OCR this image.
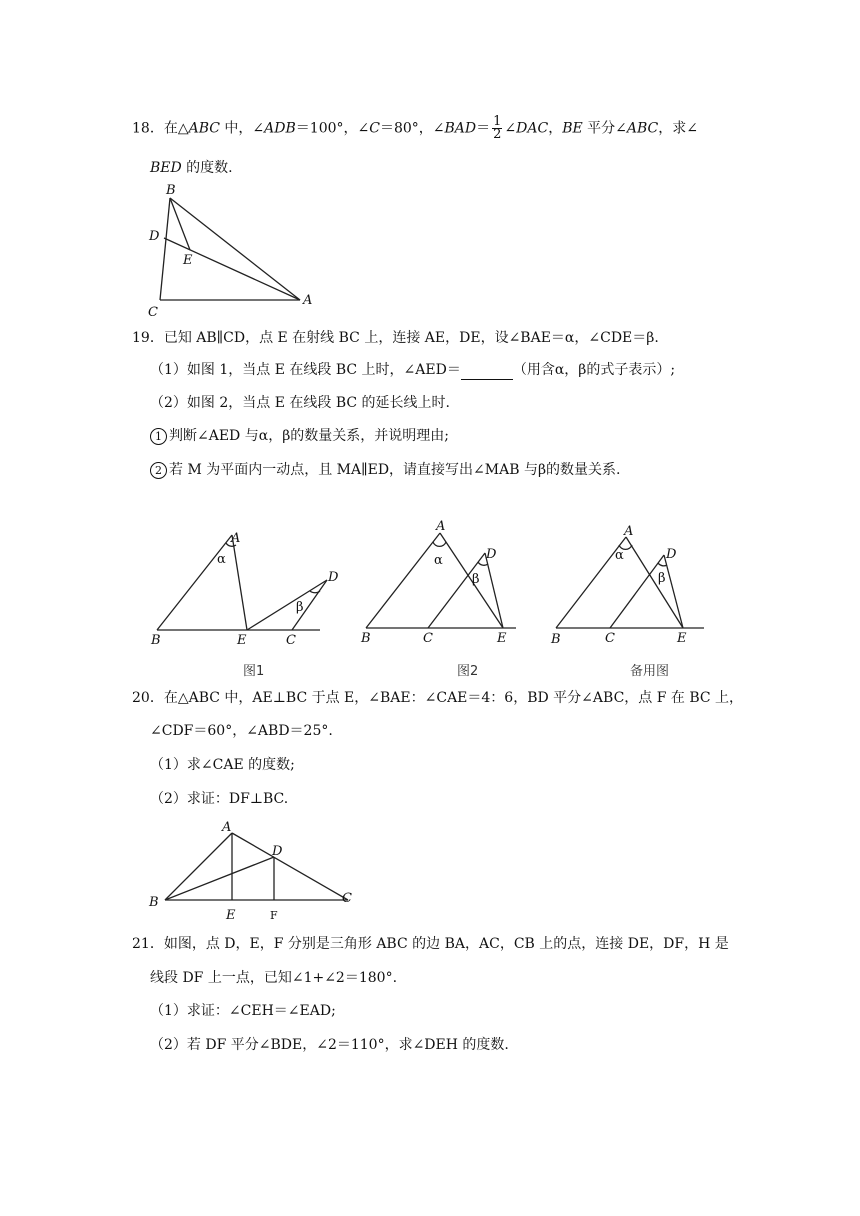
18．在△ABC 中，∠ADB＝100°，∠C＝80°，∠BAD＝ $\frac{1}{2}$ ∠DAC，BE 平分∠ABC，求∠
BED 的度数.
B
D
E
C
A
19．已知 AB∥CD，点 E 在射线 BC 上，连接 AE，DE，设∠BAE＝α，∠CDE＝β.
（1）如图 1，当点 E 在线段 BC 上时，∠AED＝	（用含α，β的式子表示）;
（2）如图 2，当点 E 在线段 BC 的延长线上时.
1 判断∠AED 与α，β的数量关系，并说明理由;
2 若 M 为平面内一动点，且 MA∥ED，请直接写出∠MAB 与β的数量关系.
A
α
D
β
B	E	C
图1
A
α	D
β
B	C	E
图2
A
α	D
β
B	C	E
备用图
20．在△ABC 中，AE⊥BC 于点 E，∠BAE：∠CAE＝4：6，BD 平分∠ABC，点 F 在 BC 上，
∠CDF＝60°，∠ABD＝25°.
（1）求∠CAE 的度数;
（2）求证：DF⊥BC.
A
D
B	C
E	F
21．如图，点 D，E，F 分别是三角形 ABC 的边 BA，AC，CB 上的点，连接 DE，DF，H 是
线段 DF 上一点，已知∠1+∠2＝180°.
（1）求证：∠CEH＝∠EAD;
（2）若 DF 平分∠BDE，∠2＝110°，求∠DEH 的度数.
